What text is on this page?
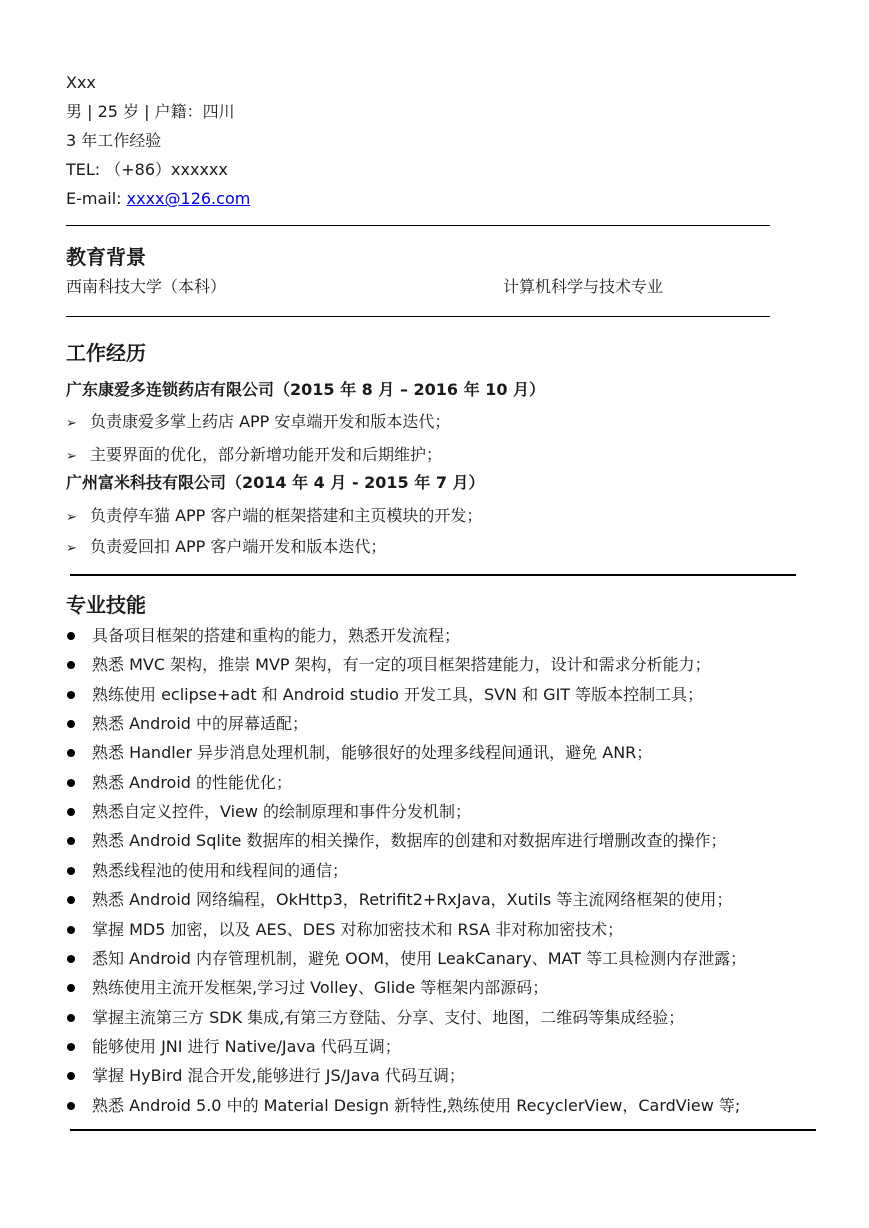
Xxx
男 | 25 岁 | 户籍：四川
3 年工作经验
TEL: （+86）xxxxxx
E-mail: xxxx@126.com
教育背景
西南科技大学（本科）	计算机科学与技术专业
工作经历
广东康爱多连锁药店有限公司（2015 年 8 月 – 2016 年 10 月）
➢ 负责康爱多掌上药店 APP 安卓端开发和版本迭代；
➢ 主要界面的优化，部分新增功能开发和后期维护；
广州富米科技有限公司（2014 年 4 月 - 2015 年 7 月）
➢ 负责停车猫 APP 客户端的框架搭建和主页模块的开发；
➢ 负责爱回扣 APP 客户端开发和版本迭代；
专业技能
具备项目框架的搭建和重构的能力，熟悉开发流程；
熟悉 MVC 架构，推崇 MVP 架构，有一定的项目框架搭建能力，设计和需求分析能力；
熟练使用 eclipse+adt 和 Android studio 开发工具，SVN 和 GIT 等版本控制工具；
熟悉 Android 中的屏幕适配；
熟悉 Handler 异步消息处理机制，能够很好的处理多线程间通讯，避免 ANR；
熟悉 Android 的性能优化；
熟悉自定义控件，View 的绘制原理和事件分发机制；
熟悉 Android Sqlite 数据库的相关操作，数据库的创建和对数据库进行增删改查的操作；
熟悉线程池的使用和线程间的通信；
熟悉 Android 网络编程，OkHttp3，Retrifit2+RxJava，Xutils 等主流网络框架的使用；
掌握 MD5 加密，以及 AES、DES 对称加密技术和 RSA 非对称加密技术；
悉知 Android 内存管理机制，避免 OOM，使用 LeakCanary、MAT 等工具检测内存泄露；
熟练使用主流开发框架,学习过 Volley、Glide 等框架内部源码；
掌握主流第三方 SDK 集成,有第三方登陆、分享、支付、地图，二维码等集成经验；
能够使用 JNI 进行 Native/Java 代码互调；
掌握 HyBird 混合开发,能够进行 JS/Java 代码互调；
熟悉 Android 5.0 中的 Material Design 新特性,熟练使用 RecyclerView，CardView 等;
